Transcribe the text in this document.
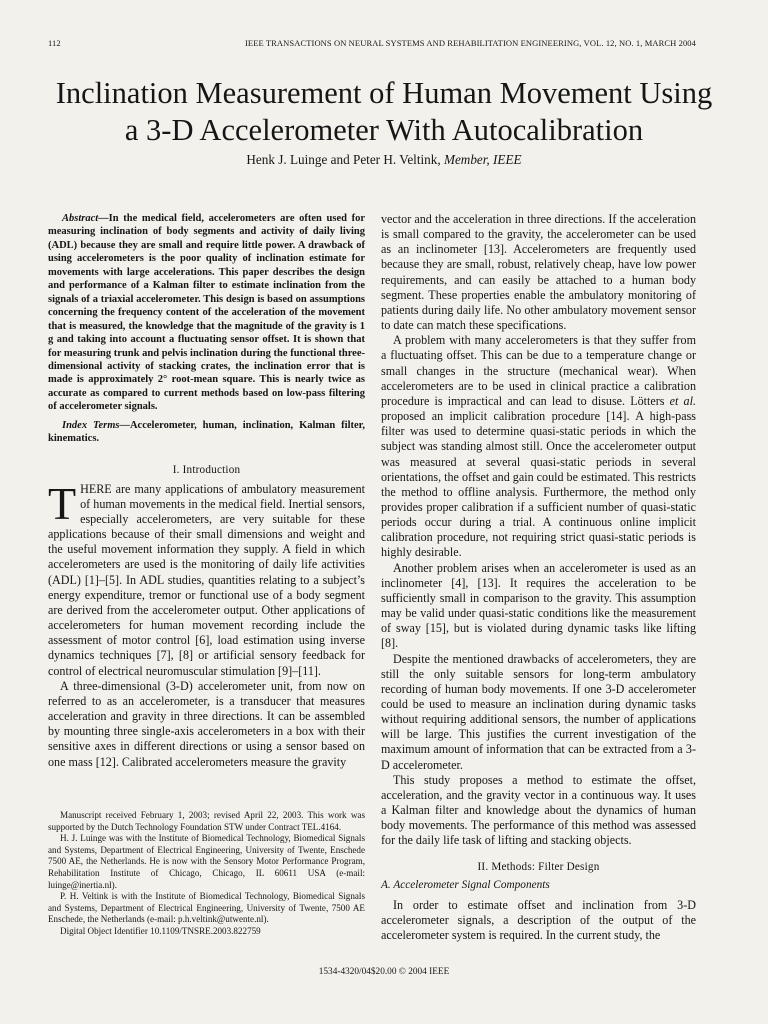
112	IEEE TRANSACTIONS ON NEURAL SYSTEMS AND REHABILITATION ENGINEERING, VOL. 12, NO. 1, MARCH 2004
Inclination Measurement of Human Movement Using
a 3-D Accelerometer With Autocalibration
Henk J. Luinge and Peter H. Veltink, Member, IEEE

Abstract—In the medical field, accelerometers are often used for measuring inclination of body segments and activity of daily living (ADL) because they are small and require little power. A drawback of using accelerometers is the poor quality of inclination estimate for movements with large accelerations. This paper describes the design and performance of a Kalman filter to estimate inclination from the signals of a triaxial accelerometer. This design is based on assumptions concerning the frequency content of the acceleration of the movement that is measured, the knowledge that the magnitude of the gravity is 1 g and taking into account a fluctuating sensor offset. It is shown that for measuring trunk and pelvis inclination during the functional three-dimensional activity of stacking crates, the inclination error that is made is approximately 2° root-mean square. This is nearly twice as accurate as compared to current methods based on low-pass filtering of accelerometer signals.

Index Terms—Accelerometer, human, inclination, Kalman filter, kinematics.

I. Introduction

THERE are many applications of ambulatory measurement of human movements in the medical field. Inertial sensors, especially accelerometers, are very suitable for these applications because of their small dimensions and weight and the useful movement information they supply. A field in which accelerometers are used is the monitoring of daily life activities (ADL) [1]–[5]. In ADL studies, quantities relating to a subject’s energy expenditure, tremor or functional use of a body segment are derived from the accelerometer output. Other applications of accelerometers for human movement recording include the assessment of motor control [6], load estimation using inverse dynamics techniques [7], [8] or artificial sensory feedback for control of electrical neuromuscular stimulation [9]–[11].

A three-dimensional (3-D) accelerometer unit, from now on referred to as an accelerometer, is a transducer that measures acceleration and gravity in three directions. It can be assembled by mounting three single-axis accelerometers in a box with their sensitive axes in different directions or using a sensor based on one mass [12]. Calibrated accelerometers measure the gravity

Manuscript received February 1, 2003; revised April 22, 2003. This work was supported by the Dutch Technology Foundation STW under Contract TEL.4164.

H. J. Luinge was with the Institute of Biomedical Technology, Biomedical Signals and Systems, Department of Electrical Engineering, University of Twente, Enschede 7500 AE, the Netherlands. He is now with the Sensory Motor Performance Program, Rehabilitation Institute of Chicago, Chicago, IL 60611 USA (e-mail: luinge@inertia.nl).

P. H. Veltink is with the Institute of Biomedical Technology, Biomedical Signals and Systems, Department of Electrical Engineering, University of Twente, 7500 AE Enschede, the Netherlands (e-mail: p.h.veltink@utwente.nl).

Digital Object Identifier 10.1109/TNSRE.2003.822759

vector and the acceleration in three directions. If the acceleration is small compared to the gravity, the accelerometer can be used as an inclinometer [13]. Accelerometers are frequently used because they are small, robust, relatively cheap, have low power requirements, and can easily be attached to a human body segment. These properties enable the ambulatory monitoring of patients during daily life. No other ambulatory movement sensor to date can match these specifications.

A problem with many accelerometers is that they suffer from a fluctuating offset. This can be due to a temperature change or small changes in the structure (mechanical wear). When accelerometers are to be used in clinical practice a calibration procedure is impractical and can lead to disuse. Lötters et al. proposed an implicit calibration procedure [14]. A high-pass filter was used to determine quasi-static periods in which the subject was standing almost still. Once the accelerometer output was measured at several quasi-static periods in several orientations, the offset and gain could be estimated. This restricts the method to offline analysis. Furthermore, the method only provides proper calibration if a sufficient number of quasi-static periods occur during a trial. A continuous online implicit calibration procedure, not requiring strict quasi-static periods is highly desirable.

Another problem arises when an accelerometer is used as an inclinometer [4], [13]. It requires the acceleration to be sufficiently small in comparison to the gravity. This assumption may be valid under quasi-static conditions like the measurement of sway [15], but is violated during dynamic tasks like lifting [8].

Despite the mentioned drawbacks of accelerometers, they are still the only suitable sensors for long-term ambulatory recording of human body movements. If one 3-D accelerometer could be used to measure an inclination during dynamic tasks without requiring additional sensors, the number of applications will be large. This justifies the current investigation of the maximum amount of information that can be extracted from a 3-D accelerometer.

This study proposes a method to estimate the offset, acceleration, and the gravity vector in a continuous way. It uses a Kalman filter and knowledge about the dynamics of human body movements. The performance of this method was assessed for the daily life task of lifting and stacking objects.

II. Methods: Filter Design
A. Accelerometer Signal Components

In order to estimate offset and inclination from 3-D accelerometer signals, a description of the output of the accelerometer system is required. In the current study, the

1534-4320/04$20.00 © 2004 IEEE
